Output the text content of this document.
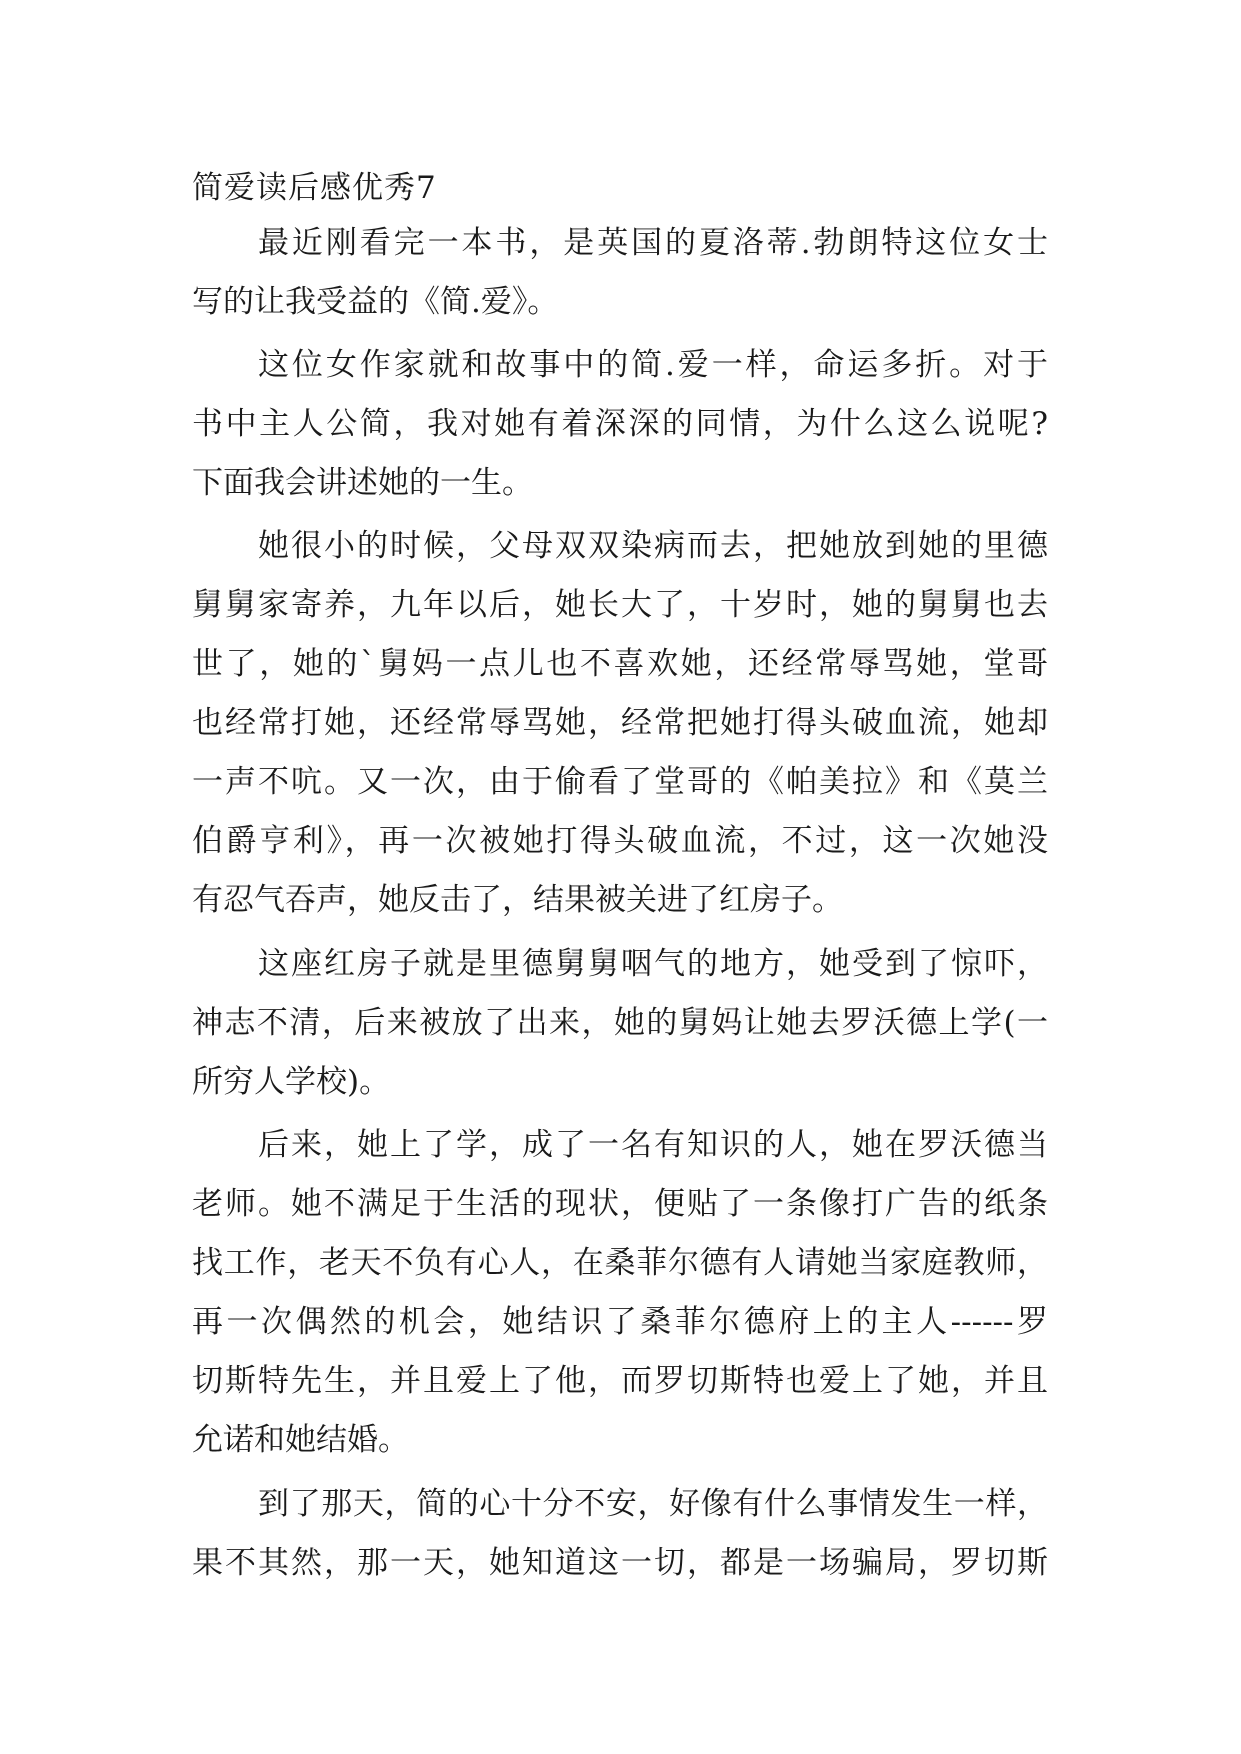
简爱读后感优秀7
最近刚看完一本书，是英国的夏洛蒂.勃朗特这位女士
写的让我受益的《简.爱》。
这位女作家就和故事中的简.爱一样，命运多折。对于
书中主人公简，我对她有着深深的同情，为什么这么说呢?
下面我会讲述她的一生。
她很小的时候，父母双双染病而去，把她放到她的里德
舅舅家寄养，九年以后，她长大了，十岁时，她的舅舅也去
世了，她的`舅妈一点儿也不喜欢她，还经常辱骂她，堂哥
也经常打她，还经常辱骂她，经常把她打得头破血流，她却
一声不吭。又一次，由于偷看了堂哥的《帕美拉》和《莫兰
伯爵亨利》，再一次被她打得头破血流，不过，这一次她没
有忍气吞声，她反击了，结果被关进了红房子。
这座红房子就是里德舅舅咽气的地方，她受到了惊吓，
神志不清，后来被放了出来，她的舅妈让她去罗沃德上学(一
所穷人学校)。
后来，她上了学，成了一名有知识的人，她在罗沃德当
老师。她不满足于生活的现状，便贴了一条像打广告的纸条
找工作，老天不负有心人，在桑菲尔德有人请她当家庭教师，
再一次偶然的机会，她结识了桑菲尔德府上的主人------罗
切斯特先生，并且爱上了他，而罗切斯特也爱上了她，并且
允诺和她结婚。
到了那天，简的心十分不安，好像有什么事情发生一样，
果不其然，那一天，她知道这一切，都是一场骗局，罗切斯
